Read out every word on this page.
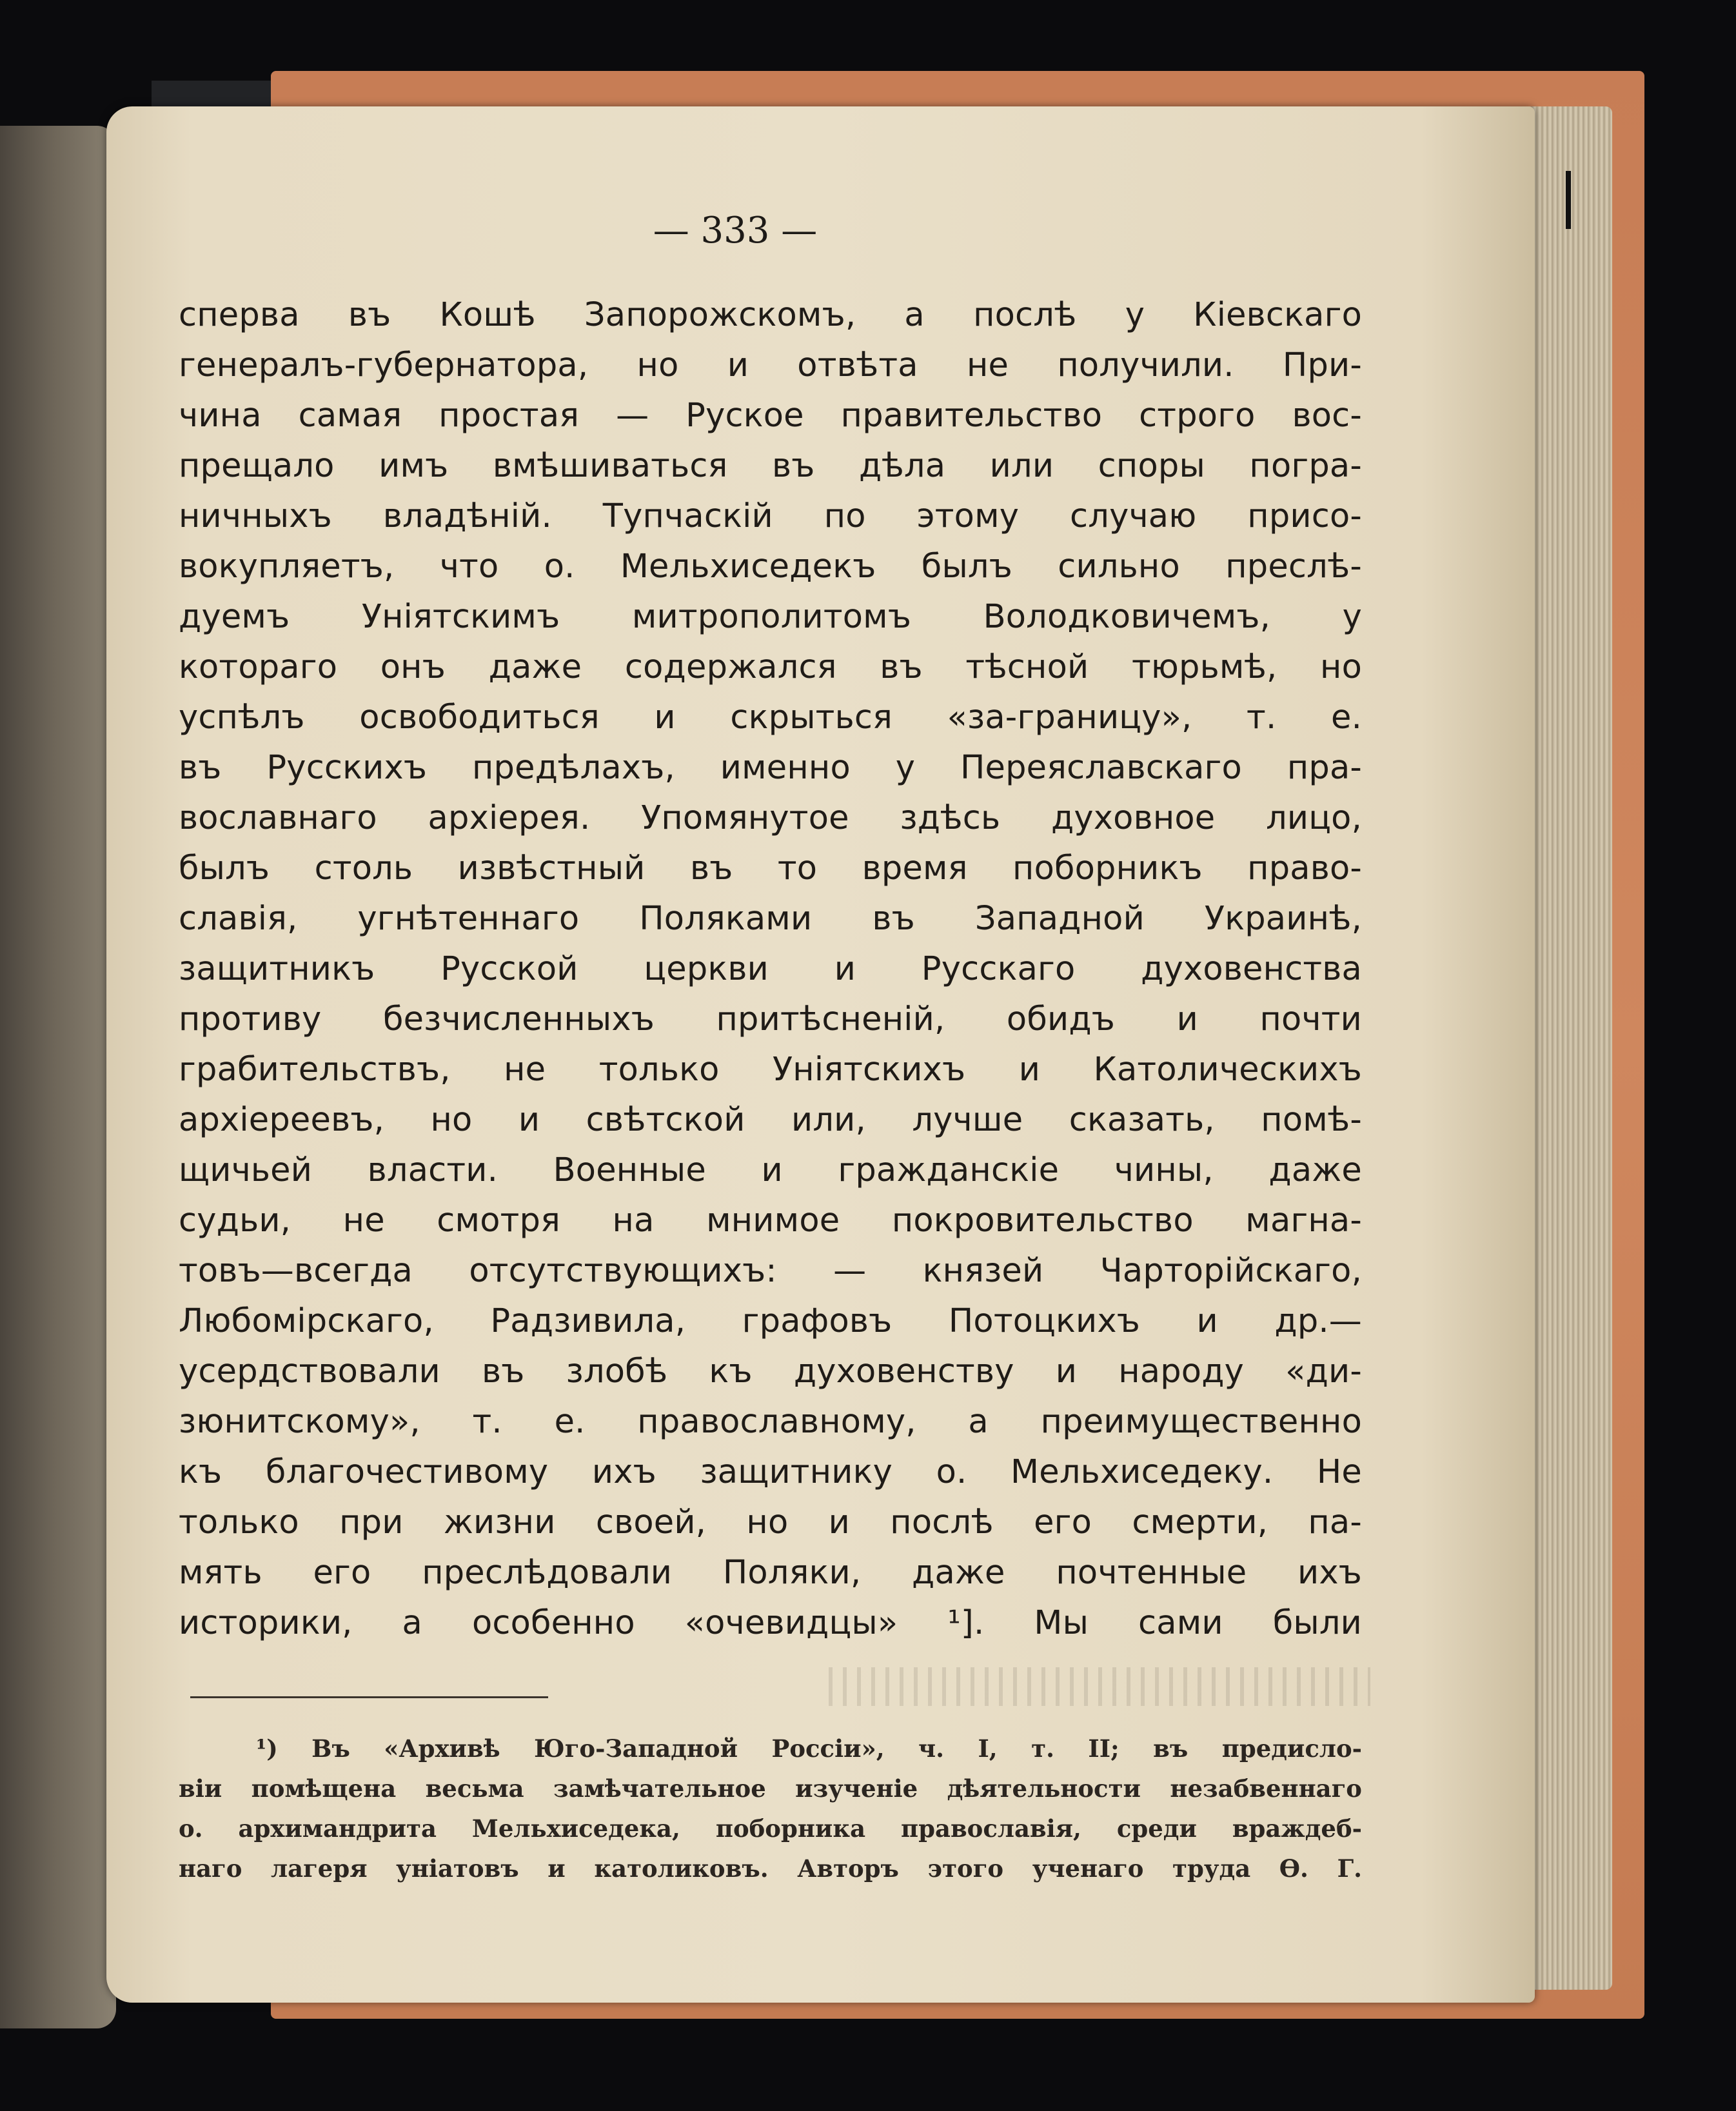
— 333 —
сперва въ Кошѣ Запорожскомъ, а послѣ у Кіевскаго
генералъ-губернатора, но и отвѣта не получили. При-
чина самая простая — Руское правительство строго вос-
прещало имъ вмѣшиваться въ дѣла или споры погра-
ничныхъ владѣній. Тупчаскій по этому случаю присо-
вокупляетъ, что о. Мельхиседекъ былъ сильно преслѣ-
дуемъ Уніятскимъ митрополитомъ Володковичемъ, у
котораго онъ даже содержался въ тѣсной тюрьмѣ, но
успѣлъ освободиться и скрыться «за-границу», т. е.
въ Русскихъ предѣлахъ, именно у Переяславскаго пра-
вославнаго архіерея. Упомянутое здѣсь духовное лицо,
былъ столь извѣстный въ то время поборникъ право-
славія, угнѣтеннаго Поляками въ Западной Украинѣ,
защитникъ Русской церкви и Русскаго духовенства
противу безчисленныхъ притѣсненій, обидъ и почти
грабительствъ, не только Уніятскихъ и Католическихъ
архіереевъ, но и свѣтской или, лучше сказать, помѣ-
щичьей власти. Военные и гражданскіе чины, даже
судьи, не смотря на мнимое покровительство магна-
товъ—всегда отсутствующихъ: — князей Чарторійскаго,
Любомірскаго, Радзивила, графовъ Потоцкихъ и др.—
усердствовали въ злобѣ къ духовенству и народу «ди-
зюнитскому», т. е. православному, а преимущественно
къ благочестивому ихъ защитнику о. Мельхиседеку. Не
только при жизни своей, но и послѣ его смерти, па-
мять его преслѣдовали Поляки, даже почтенные ихъ
историки, а особенно «очевидцы» ¹]. Мы сами были
¹) Въ «Архивѣ Юго-Западной Россіи», ч. I, т. II; въ предисло-
віи помѣщена весьма замѣчательное изученіе дѣятельности незабвеннаго
о. архимандрита Мельхиседека, поборника православія, среди враждеб-
наго лагеря уніатовъ и католиковъ. Авторъ этого ученаго труда Ѳ. Г.
